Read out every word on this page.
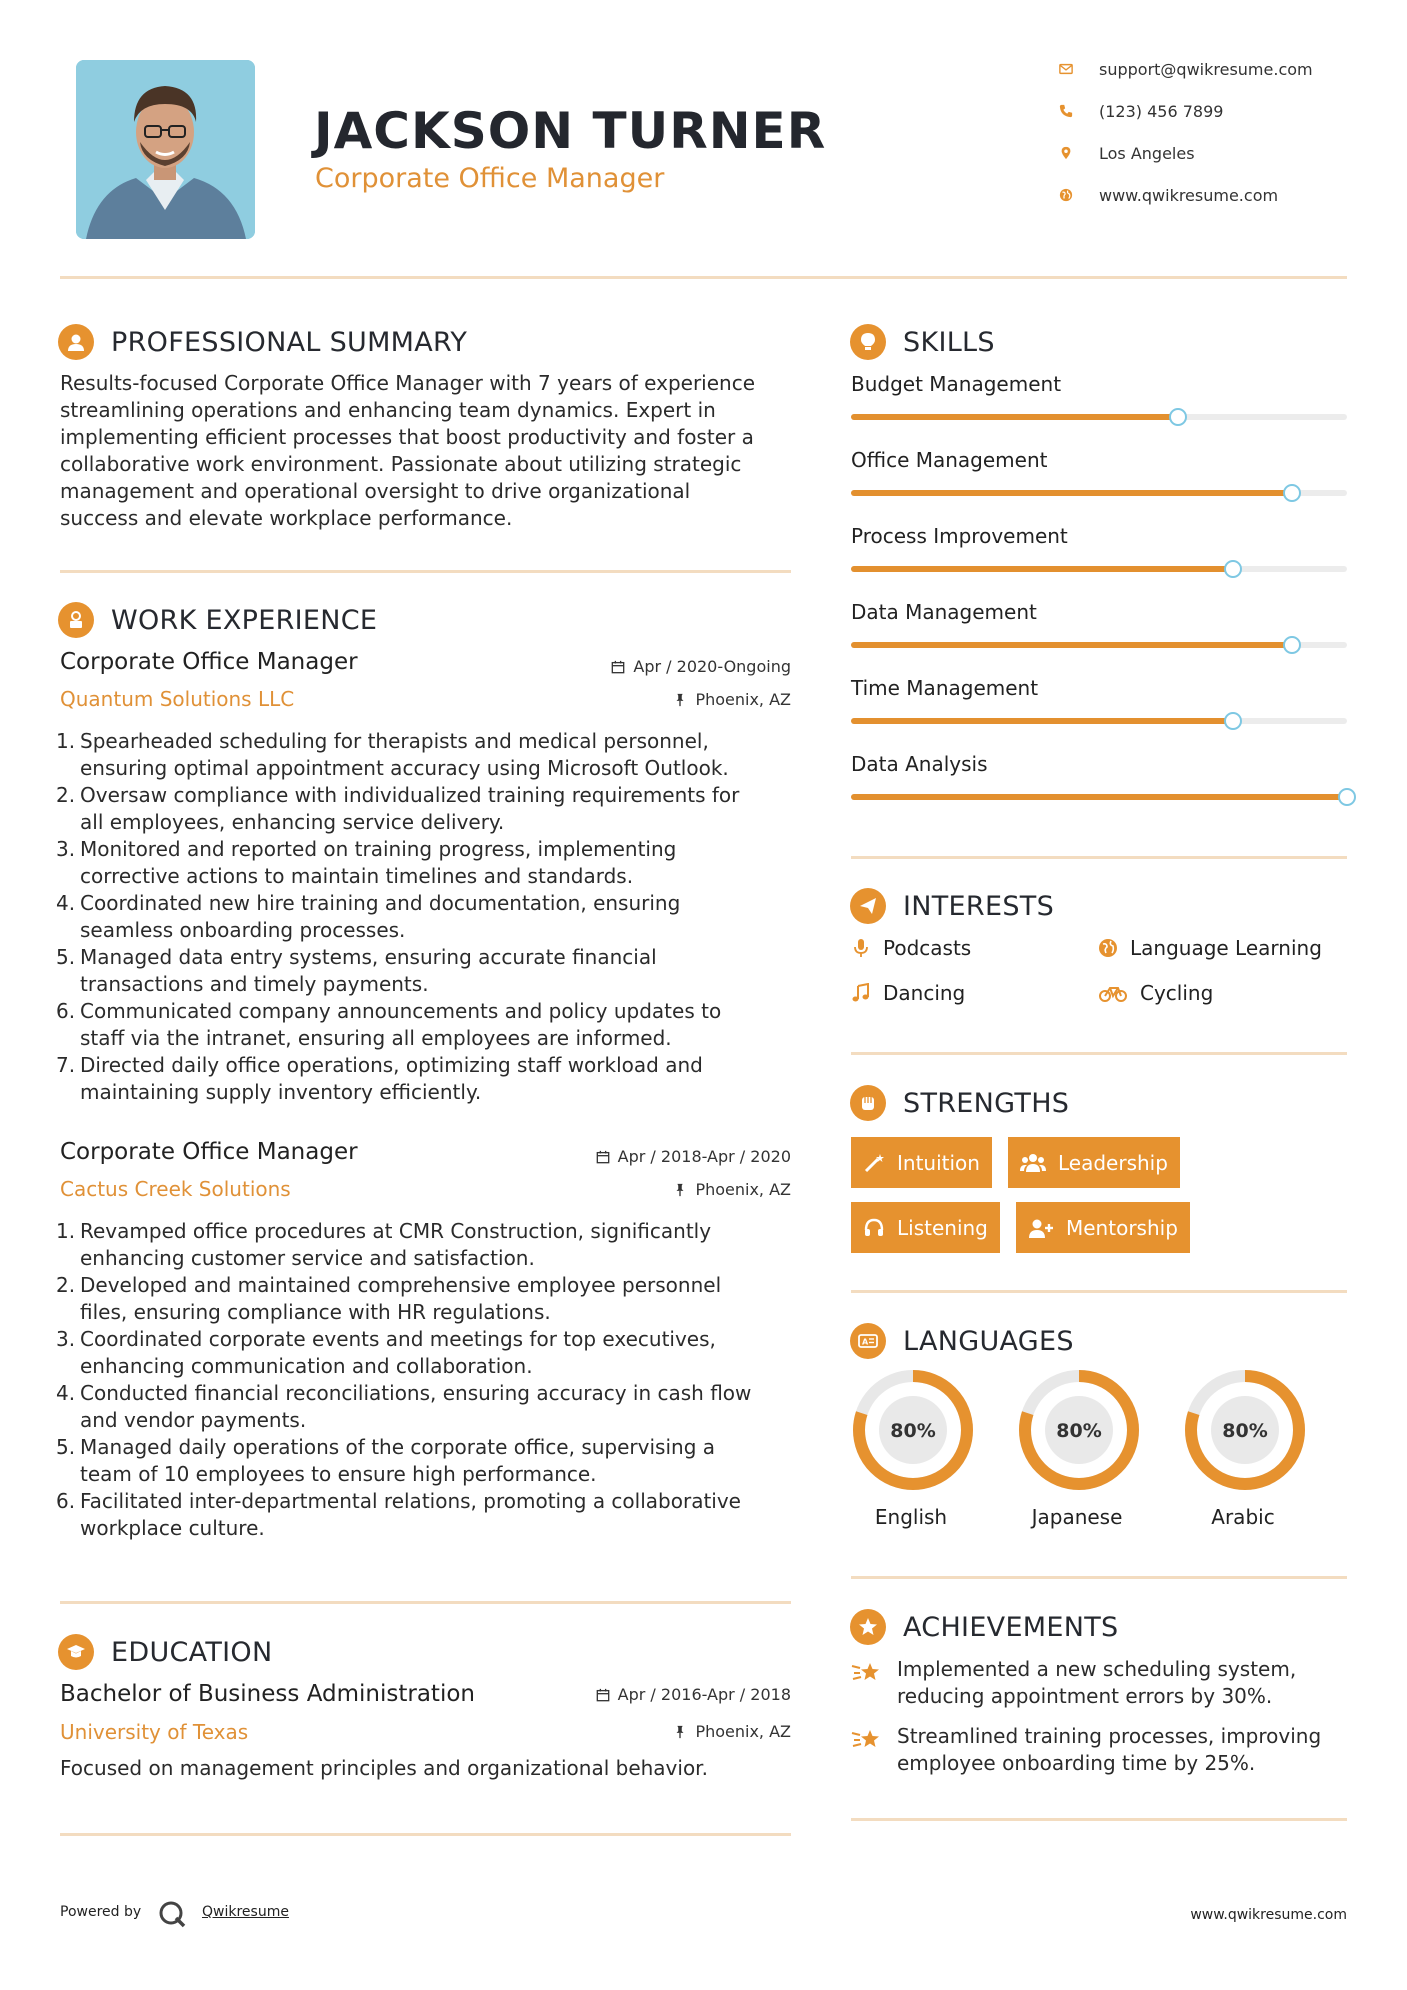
JACKSON TURNER
Corporate Office Manager
support@qwikresume.com
(123) 456 7899
Los Angeles
www.qwikresume.com
PROFESSIONAL SUMMARY
Results-focused Corporate Office Manager with 7 years of experience
streamlining operations and enhancing team dynamics. Expert in
implementing efficient processes that boost productivity and foster a
collaborative work environment. Passionate about utilizing strategic
management and operational oversight to drive organizational
success and elevate workplace performance.
WORK EXPERIENCE
Corporate Office Manager
Quantum Solutions LLC
Apr / 2020-Ongoing
Phoenix, AZ
1. Spearheaded scheduling for therapists and medical personnel,
ensuring optimal appointment accuracy using Microsoft Outlook.
2. Oversaw compliance with individualized training requirements for
all employees, enhancing service delivery.
3. Monitored and reported on training progress, implementing
corrective actions to maintain timelines and standards.
4. Coordinated new hire training and documentation, ensuring
seamless onboarding processes.
5. Managed data entry systems, ensuring accurate financial
transactions and timely payments.
6. Communicated company announcements and policy updates to
staff via the intranet, ensuring all employees are informed.
7. Directed daily office operations, optimizing staff workload and
maintaining supply inventory efficiently.
Corporate Office Manager
Cactus Creek Solutions
Apr / 2018-Apr / 2020
Phoenix, AZ
1. Revamped office procedures at CMR Construction, significantly
enhancing customer service and satisfaction.
2. Developed and maintained comprehensive employee personnel
files, ensuring compliance with HR regulations.
3. Coordinated corporate events and meetings for top executives,
enhancing communication and collaboration.
4. Conducted financial reconciliations, ensuring accuracy in cash flow
and vendor payments.
5. Managed daily operations of the corporate office, supervising a
team of 10 employees to ensure high performance.
6. Facilitated inter-departmental relations, promoting a collaborative
workplace culture.
EDUCATION
Bachelor of Business Administration
University of Texas
Apr / 2016-Apr / 2018
Phoenix, AZ
Focused on management principles and organizational behavior.
SKILLS
Budget Management
Office Management
Process Improvement
Data Management
Time Management
Data Analysis
INTERESTS
Podcasts	Language Learning
Dancing	Cycling
STRENGTHS
Intuition	Leadership
Listening	Mentorship
A LANGUAGES
80%
English
80%
Japanese
80%
Arabic
ACHIEVEMENTS
Implemented a new scheduling system,
reducing appointment errors by 30%.
Streamlined training processes, improving
employee onboarding time by 25%.
Powered by	Qwikresume	www.qwikresume.com
